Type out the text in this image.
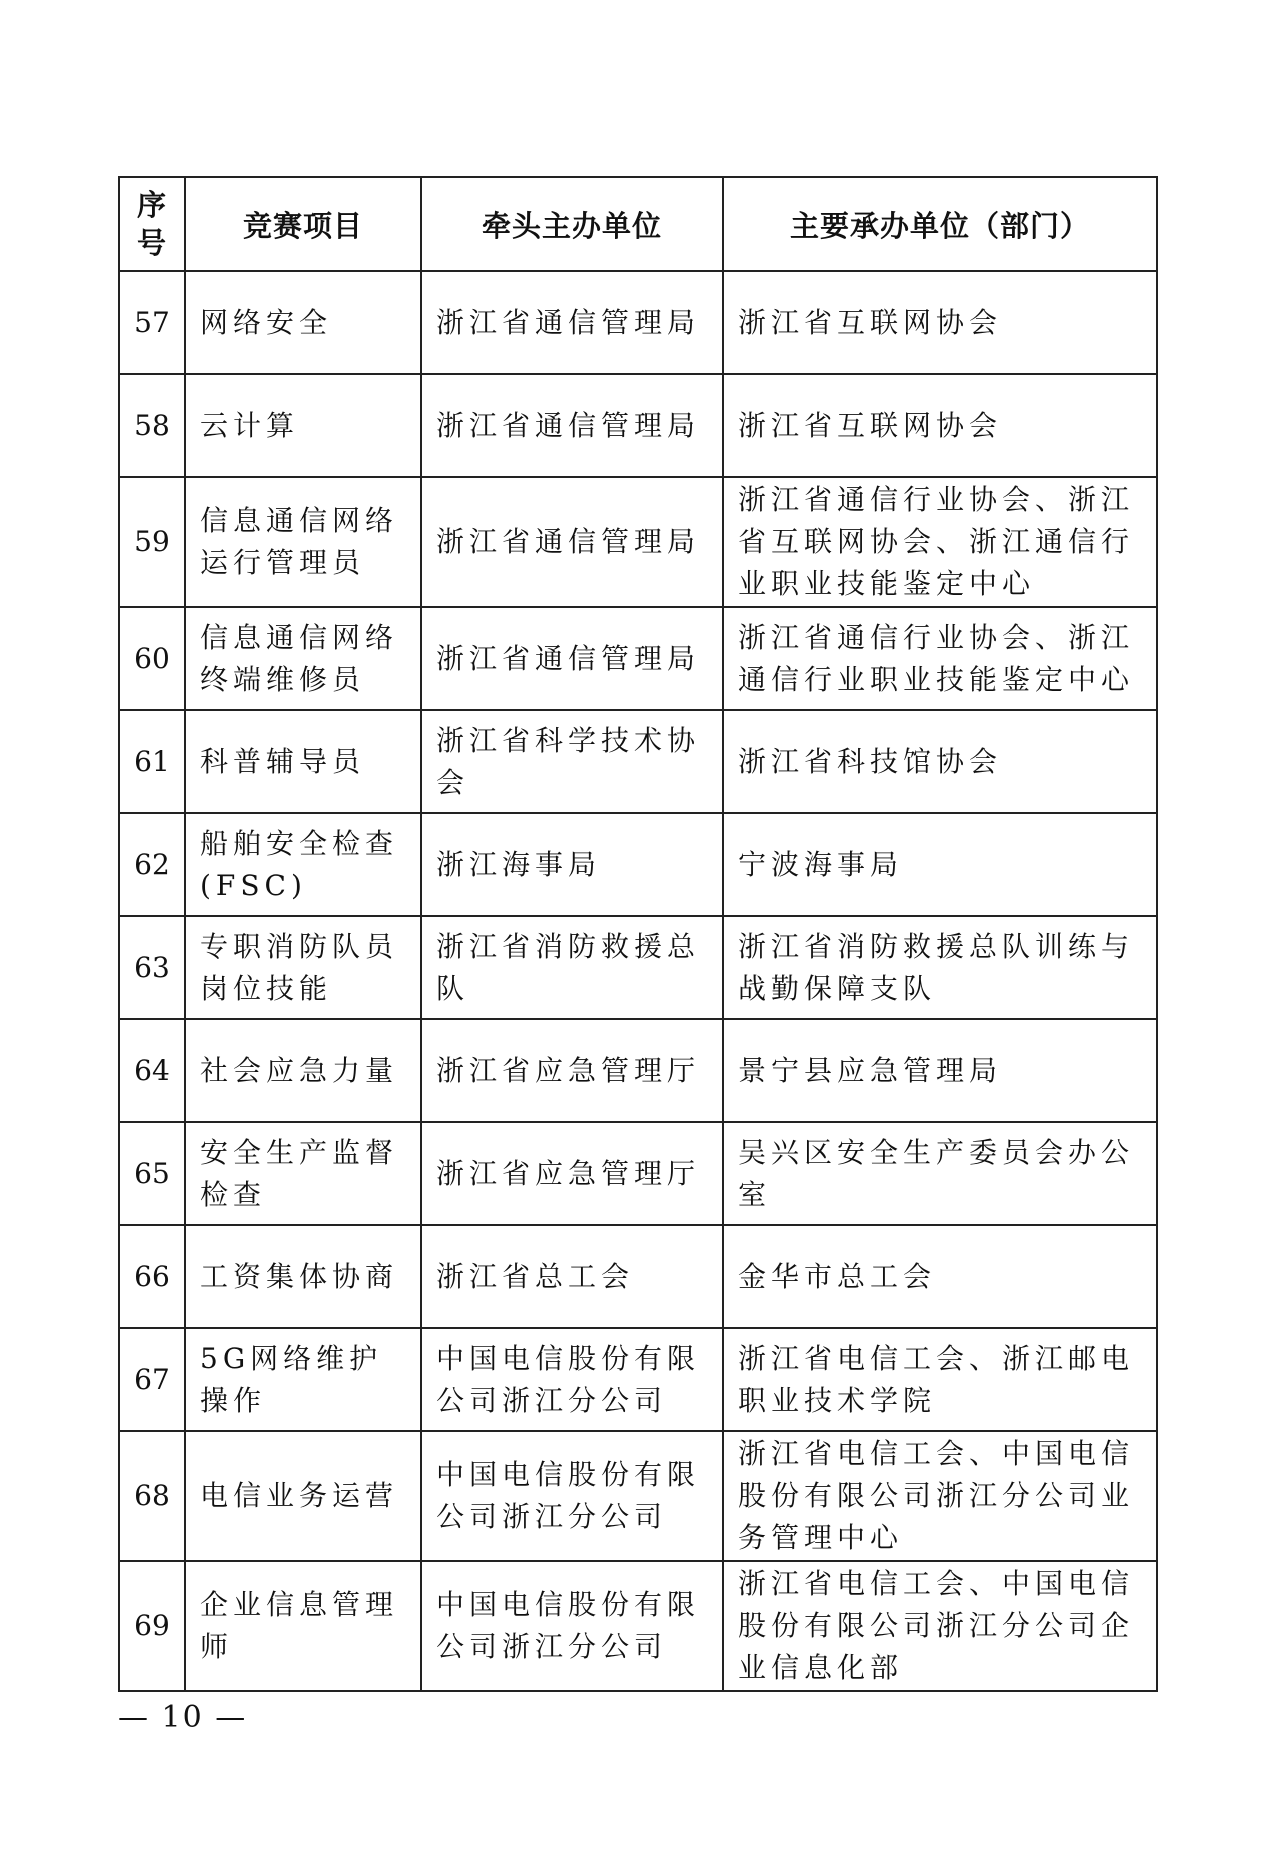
序号	竞赛项目	牵头主办单位	主要承办单位（部门）
57	网络安全	浙江省通信管理局	浙江省互联网协会
58	云计算	浙江省通信管理局	浙江省互联网协会
59	信息通信网络运行管理员	浙江省通信管理局	浙江省通信行业协会、浙江省互联网协会、浙江通信行业职业技能鉴定中心
60	信息通信网络终端维修员	浙江省通信管理局	浙江省通信行业协会、浙江通信行业职业技能鉴定中心
61	科普辅导员	浙江省科学技术协会	浙江省科技馆协会
62	船舶安全检查(FSC)	浙江海事局	宁波海事局
63	专职消防队员岗位技能	浙江省消防救援总队	浙江省消防救援总队训练与战勤保障支队
64	社会应急力量	浙江省应急管理厅	景宁县应急管理局
65	安全生产监督检查	浙江省应急管理厅	吴兴区安全生产委员会办公室
66	工资集体协商	浙江省总工会	金华市总工会
67	5G网络维护操作	中国电信股份有限公司浙江分公司	浙江省电信工会、浙江邮电职业技术学院
68	电信业务运营	中国电信股份有限公司浙江分公司	浙江省电信工会、中国电信股份有限公司浙江分公司业务管理中心
69	企业信息管理师	中国电信股份有限公司浙江分公司	浙江省电信工会、中国电信股份有限公司浙江分公司企业信息化部
— 10 —
